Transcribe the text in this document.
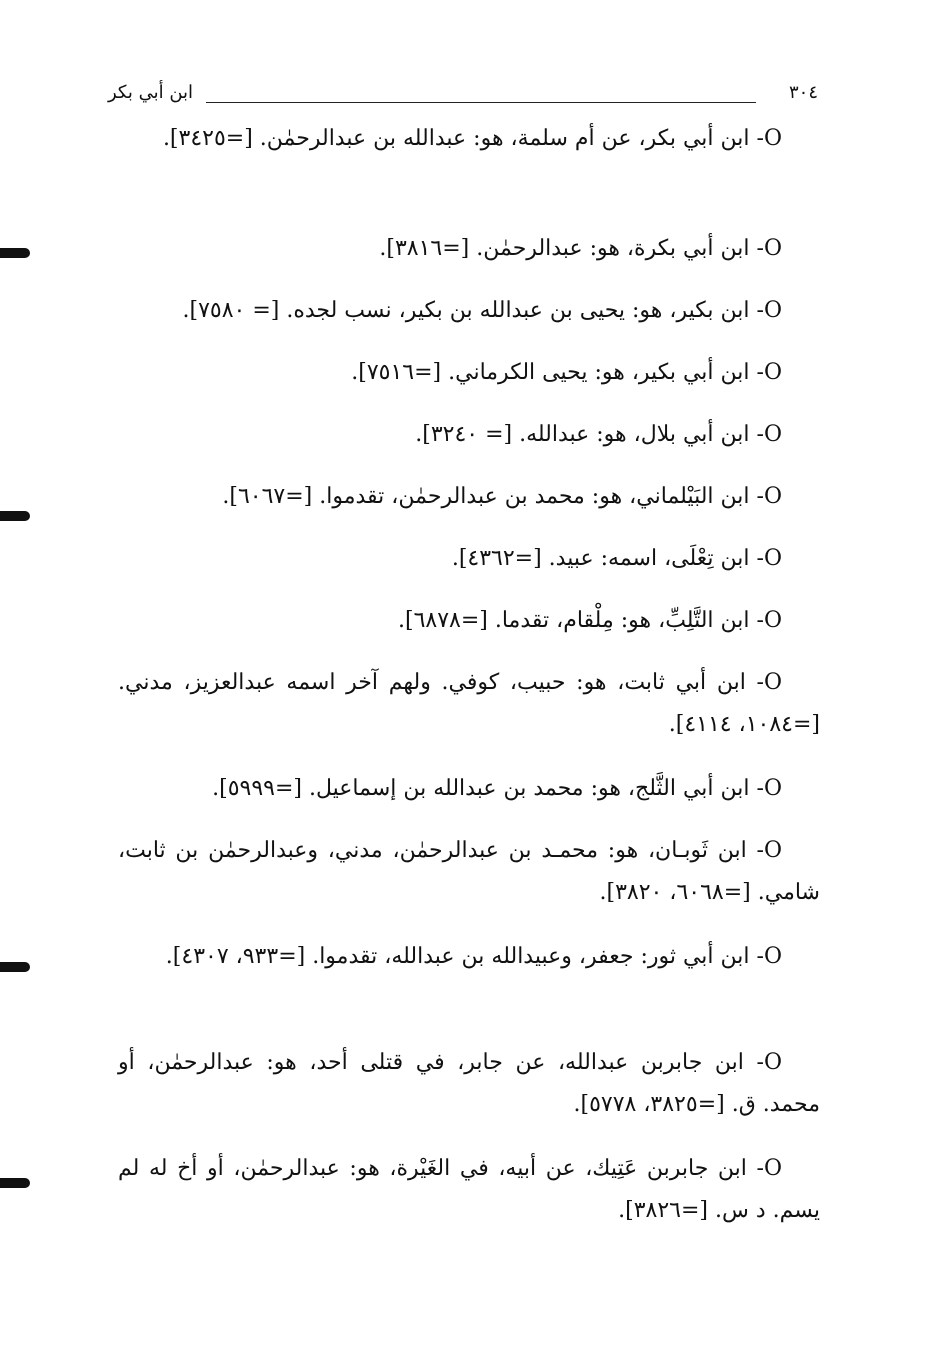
٣٠٤
ابن أبي بكر

O- ابن أبي بكر، عن أم سلمة، هو: عبدالله بن عبدالرحمٰن. [=٣٤٢٥].

O- ابن أبي بكرة، هو: عبدالرحمٰن. [=٣٨١٦].

O- ابن بكير، هو: يحيى بن عبدالله بن بكير، نسب لجده. [= ٧٥٨٠].

O- ابن أبي بكير، هو: يحيى الكرماني. [=٧٥١٦].

O- ابن أبي بلال، هو: عبدالله. [= ٣٢٤٠].

O- ابن البَيْلماني، هو: محمد بن عبدالرحمٰن، تقدموا. [=٦٠٦٧].

O- ابن تِعْلَى، اسمه: عبيد. [=٤٣٦٢].

O- ابن التَّلِبِّ، هو: مِلْقام، تقدما. [=٦٨٧٨].

O- ابن أبي ثابت، هو: حبيب، كوفي. ولهم آخر اسمه عبدالعزيز، مدني. [=١٠٨٤، ٤١١٤].

O- ابن أبي الثَّلج، هو: محمد بن عبدالله بن إسماعيل. [=٥٩٩٩].

O- ابن ثَوبـان، هو: محمـد بن عبدالرحمٰن، مدني، وعبدالرحمٰن بن ثابت، شامي. [=٦٠٦٨، ٣٨٢٠].

O- ابن أبي ثور: جعفر، وعبيدالله بن عبدالله، تقدموا. [=٩٣٣، ٤٣٠٧].

O- ابن جابربن عبدالله، عن جابر، في قتلى أحد، هو: عبدالرحمٰن، أو محمد. ق. [=٣٨٢٥، ٥٧٧٨].

O- ابن جابربن عَتِيك، عن أبيه، في الغَيْرة، هو: عبدالرحمٰن، أو أخ له لم يسم. د س. [=٣٨٢٦].
